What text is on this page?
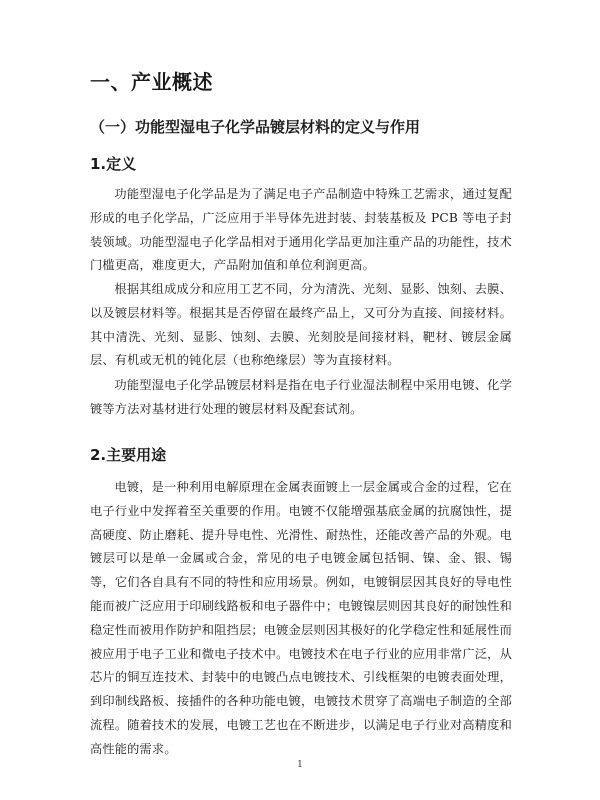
一、产业概述
（一）功能型湿电子化学品镀层材料的定义与作用
1.定义

功能型湿电子化学品是为了满足电子产品制造中特殊工艺需求，通过复配形成的电子化学品，广泛应用于半导体先进封装、封装基板及 PCB 等电子封装领域。功能型湿电子化学品相对于通用化学品更加注重产品的功能性，技术门槛更高，难度更大，产品附加值和单位利润更高。

根据其组成成分和应用工艺不同，分为清洗、光刻、显影、蚀刻、去膜、以及镀层材料等。根据其是否停留在最终产品上，又可分为直接、间接材料。其中清洗、光刻、显影、蚀刻、去膜、光刻胶是间接材料，靶材、镀层金属层、有机或无机的钝化层（也称绝缘层）等为直接材料。

功能型湿电子化学品镀层材料是指在电子行业湿法制程中采用电镀、化学镀等方法对基材进行处理的镀层材料及配套试剂。

2.主要用途

电镀，是一种利用电解原理在金属表面镀上一层金属或合金的过程，它在电子行业中发挥着至关重要的作用。电镀不仅能增强基底金属的抗腐蚀性，提高硬度、防止磨耗、提升导电性、光滑性、耐热性，还能改善产品的外观。电镀层可以是单一金属或合金，常见的电子电镀金属包括铜、镍、金、银、锡等，它们各自具有不同的特性和应用场景。例如，电镀铜层因其良好的导电性能而被广泛应用于印刷线路板和电子器件中；电镀镍层则因其良好的耐蚀性和稳定性而被用作防护和阻挡层；电镀金层则因其极好的化学稳定性和延展性而被应用于电子工业和微电子技术中。电镀技术在电子行业的应用非常广泛，从芯片的铜互连技术、封装中的电镀凸点电镀技术、引线框架的电镀表面处理，到印制线路板、接插件的各种功能电镀，电镀技术贯穿了高端电子制造的全部流程。随着技术的发展，电镀工艺也在不断进步，以满足电子行业对高精度和高性能的需求。

1
